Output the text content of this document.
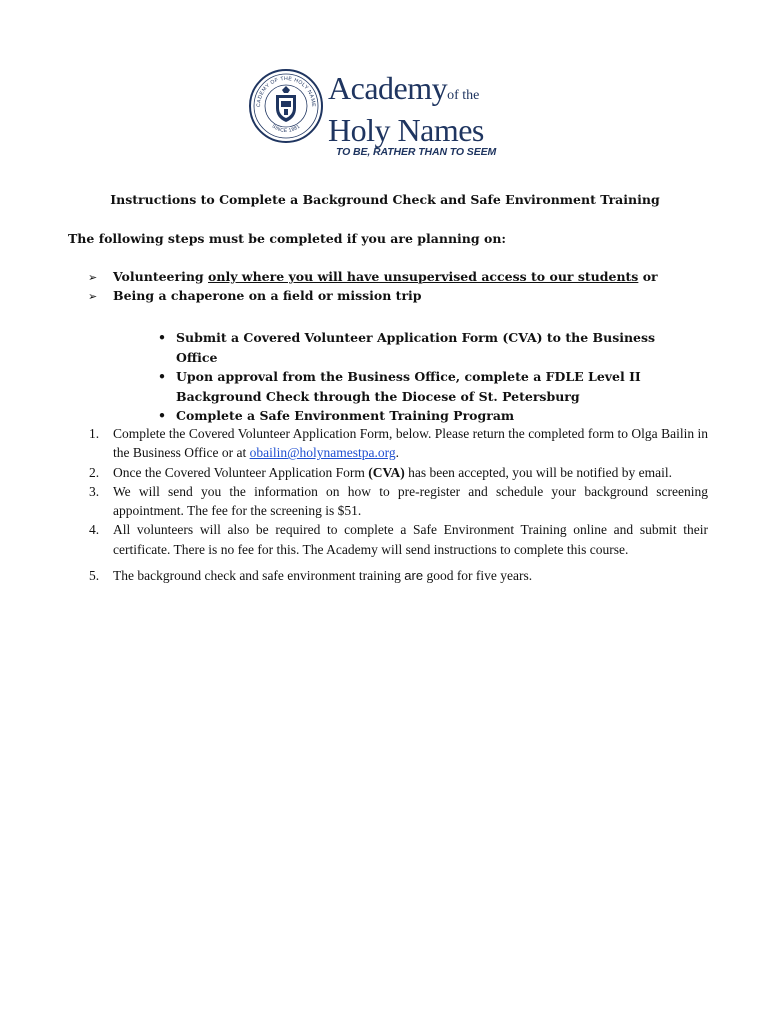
CADEMY OF THE HOLY NAME
SINCE 1881
Academyof the
Holy Names
TO BE, RATHER THAN TO SEEM
Instructions to Complete a Background Check and Safe Environment Training
The following steps must be completed if you are planning on:
➢ Volunteering only where you will have unsupervised access to our students or
➢ Being a chaperone on a field or mission trip
• Submit a Covered Volunteer Application Form (CVA) to the Business Office
• Upon approval from the Business Office, complete a FDLE Level II Background Check through the Diocese of St. Petersburg
• Complete a Safe Environment Training Program
1. Complete the Covered Volunteer Application Form, below. Please return the completed form to Olga Bailin in the Business Office or at obailin@holynamestpa.org.
2. Once the Covered Volunteer Application Form (CVA) has been accepted, you will be notified by email.
3. We will send you the information on how to pre-register and schedule your background screening appointment. The fee for the screening is $51.
4. All volunteers will also be required to complete a Safe Environment Training online and submit their certificate. There is no fee for this. The Academy will send instructions to complete this course.
5. The background check and safe environment training are good for five years.
